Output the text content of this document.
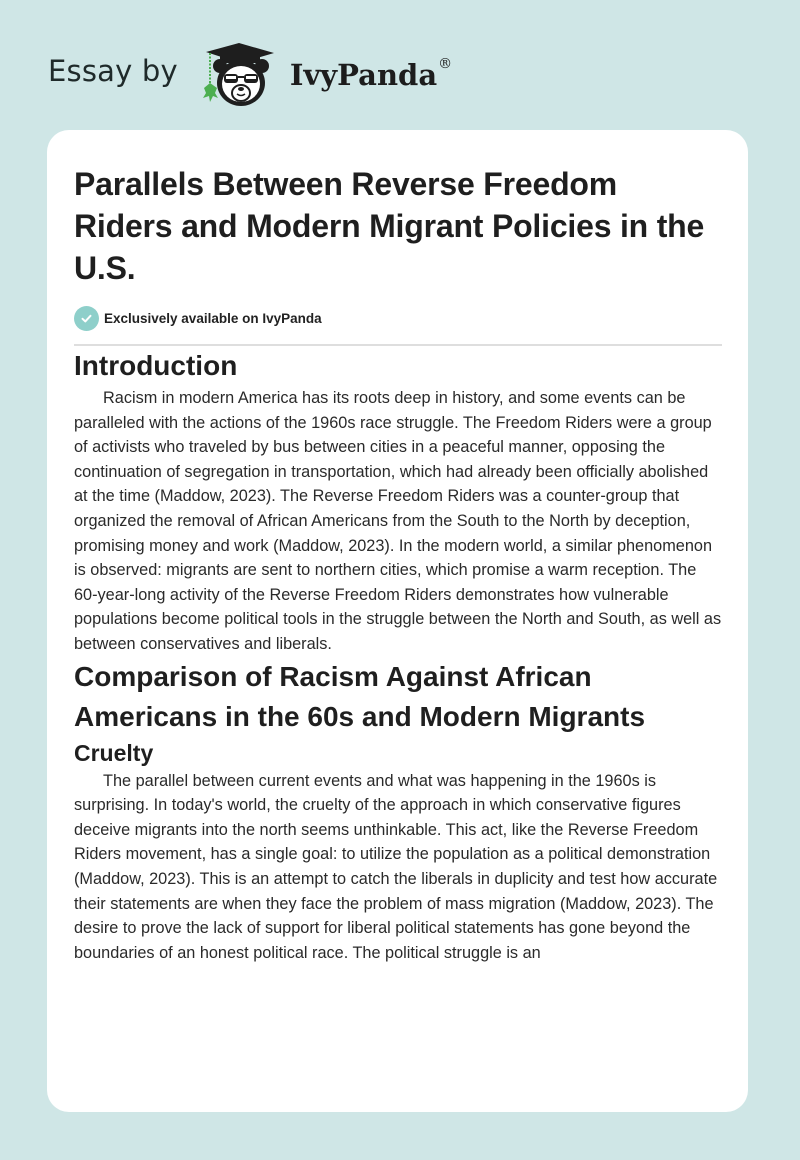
Essay by	IvyPanda®
Parallels Between Reverse Freedom Riders and Modern Migrant Policies in the U.S.
Exclusively available on IvyPanda
Introduction

Racism in modern America has its roots deep in history, and some events can be paralleled with the actions of the 1960s race struggle. The Freedom Riders were a group of activists who traveled by bus between cities in a peaceful manner, opposing the continuation of segregation in transportation, which had already been officially abolished at the time (Maddow, 2023). The Reverse Freedom Riders was a counter-group that organized the removal of African Americans from the South to the North by deception, promising money and work (Maddow, 2023). In the modern world, a similar phenomenon is observed: migrants are sent to northern cities, which promise a warm reception. The 60-year-long activity of the Reverse Freedom Riders demonstrates how vulnerable populations become political tools in the struggle between the North and South, as well as between conservatives and liberals.

Comparison of Racism Against African Americans in the 60s and Modern Migrants
Cruelty

The parallel between current events and what was happening in the 1960s is surprising. In today's world, the cruelty of the approach in which conservative figures deceive migrants into the north seems unthinkable. This act, like the Reverse Freedom Riders movement, has a single goal: to utilize the population as a political demonstration (Maddow, 2023). This is an attempt to catch the liberals in duplicity and test how accurate their statements are when they face the problem of mass migration (Maddow, 2023). The desire to prove the lack of support for liberal political statements has gone beyond the boundaries of an honest political race. The political struggle is an
